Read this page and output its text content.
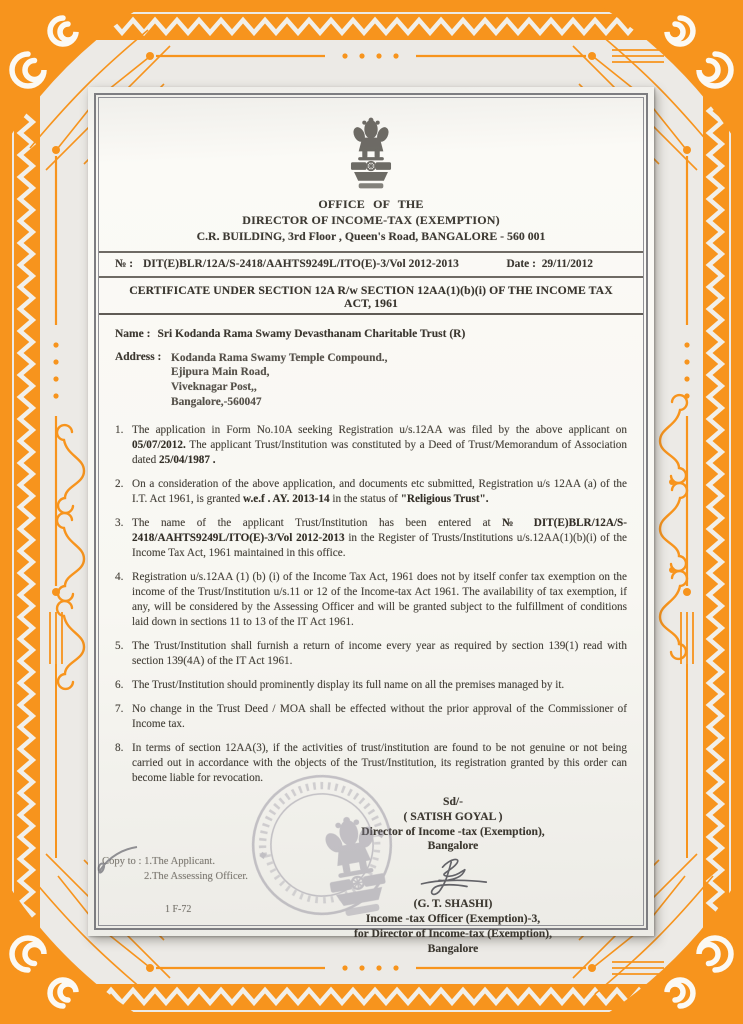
OFFICE OF THE
DIRECTOR OF INCOME-TAX (EXEMPTION)
C.R. BUILDING, 3rd Floor , Queen's Road, BANGALORE - 560 001
№ : DIT(E)BLR/12A/S-2418/AAHTS9249L/ITO(E)-3/Vol 2012-2013	Date : 29/11/2012
CERTIFICATE UNDER SECTION 12A R/w SECTION 12AA(1)(b)(i) OF THE INCOME TAX ACT, 1961
Name : Sri Kodanda Rama Swamy Devasthanam Charitable Trust (R)
Address : Kodanda Rama Swamy Temple Compound.,
Ejipura Main Road,
Viveknagar Post,,
Bangalore,-560047
1. The application in Form No.10A seeking Registration u/s.12AA was filed by the above applicant on 05/07/2012. The applicant Trust/Institution was constituted by a Deed of Trust/Memorandum of Association dated 25/04/1987 .
2. On a consideration of the above application, and documents etc submitted, Registration u/s 12AA (a) of the I.T. Act 1961, is granted w.e.f . AY. 2013-14 in the status of "Religious Trust".
3. The name of the applicant Trust/Institution has been entered at № DIT(E)BLR/12A/S-2418/AAHTS9249L/ITO(E)-3/Vol 2012-2013 in the Register of Trusts/Institutions u/s.12AA(1)(b)(i) of the Income Tax Act, 1961 maintained in this office.
4. Registration u/s.12AA (1) (b) (i) of the Income Tax Act, 1961 does not by itself confer tax exemption on the income of the Trust/Institution u/s.11 or 12 of the Income-tax Act 1961. The availability of tax exemption, if any, will be considered by the Assessing Officer and will be granted subject to the fulfillment of conditions laid down in sections 11 to 13 of the IT Act 1961.
5. The Trust/Institution shall furnish a return of income every year as required by section 139(1) read with section 139(4A) of the IT Act 1961.
6. The Trust/Institution should prominently display its full name on all the premises managed by it.
7. No change in the Trust Deed / MOA shall be effected without the prior approval of the Commissioner of Income tax.
8. In terms of section 12AA(3), if the activities of trust/institution are found to be not genuine or not being carried out in accordance with the objects of the Trust/Institution, its registration granted by this order can become liable for revocation.
Sd/-
( SATISH GOYAL )
Director of Income -tax (Exemption),
Bangalore
(G. T. SHASHI)
Income -tax Officer (Exemption)-3,
for Director of Income-tax (Exemption),
Bangalore
Copy to : 1.The Applicant.
2.The Assessing Officer.
1 F-72
